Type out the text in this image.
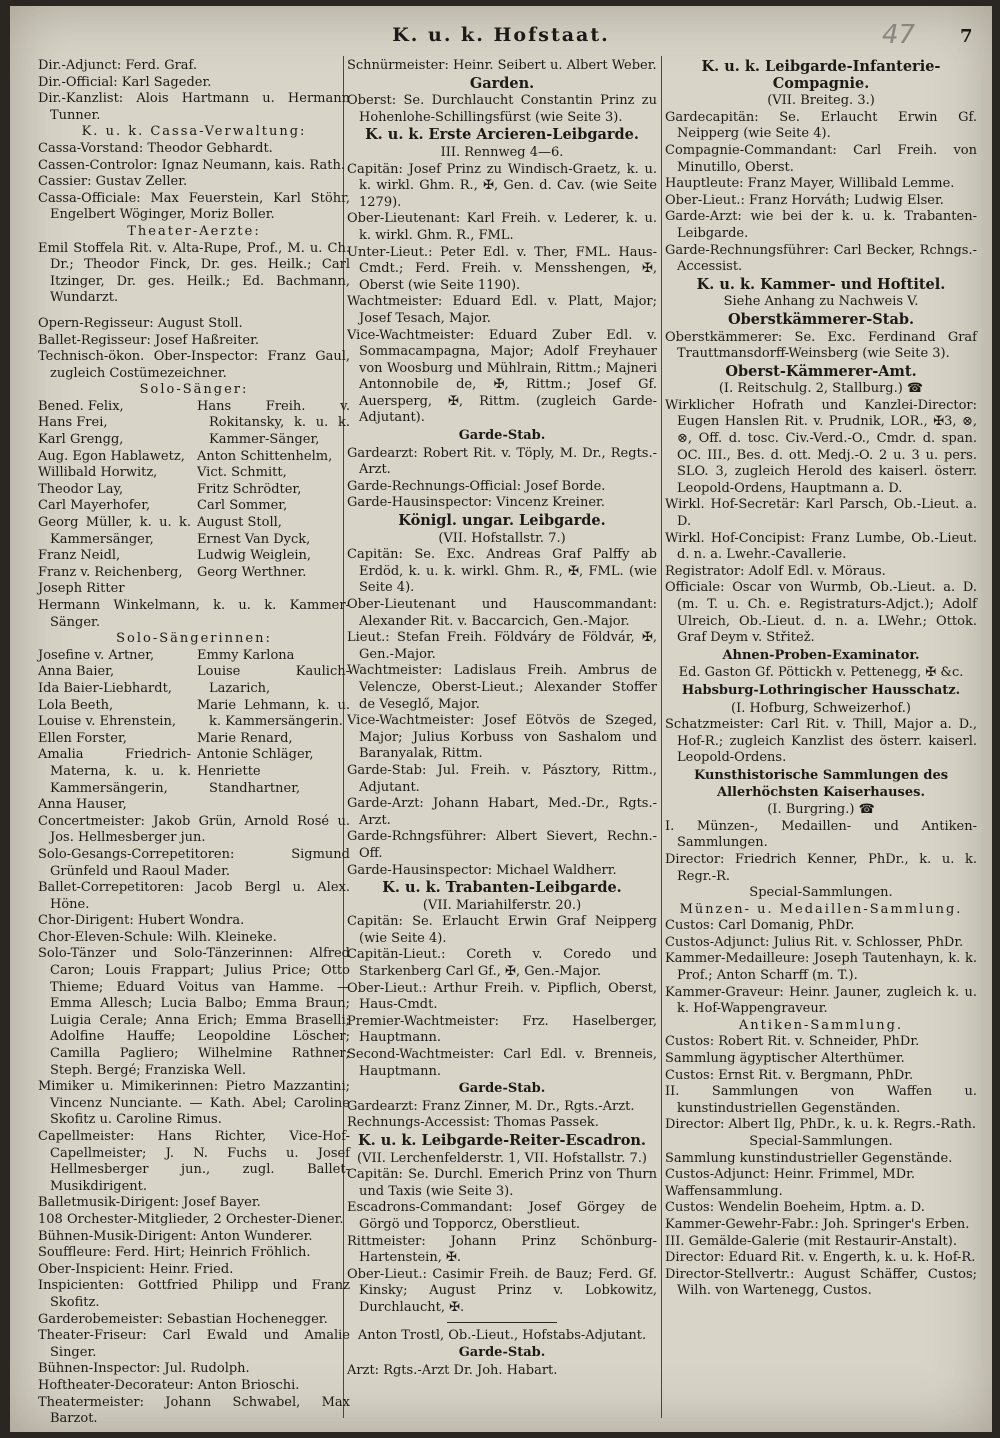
K. u. k. Hofstaat.	47 7

Dir.-Adjunct: Ferd. Graf.

Dir.-Official: Karl Sageder.

Dir.-Kanzlist: Alois Hartmann u. Hermann Tunner.

K. u. k. Cassa-Verwaltung:

Cassa-Vorstand: Theodor Gebhardt.

Cassen-Controlor: Ignaz Neumann, kais. Rath.

Cassier: Gustav Zeller.

Cassa-Officiale: Max Feuerstein, Karl Stöhr, Engelbert Wöginger, Moriz Boller.

Theater-Aerzte:

Emil Stoffela Rit. v. Alta-Rupe, Prof., M. u. Ch. Dr.; Theodor Finck, Dr. ges. Heilk.; Carl Itzinger, Dr. ges. Heilk.; Ed. Bachmann, Wundarzt.

Opern-Regisseur: August Stoll.

Ballet-Regisseur: Josef Haßreiter.

Technisch-ökon. Ober-Inspector: Franz Gaul, zugleich Costümezeichner.

Solo-Sänger:

Bened. Felix,

Hans Frei,

Karl Grengg,

Aug. Egon Hablawetz,

Willibald Horwitz,

Theodor Lay,

Carl Mayerhofer,

Georg Müller, k. u. k. Kammersänger,

Franz Neidl,

Franz v. Reichenberg,

Joseph Ritter

Hans Freih. v. Rokitansky, k. u. k. Kammer-Sänger,

Anton Schittenhelm,

Vict. Schmitt,

Fritz Schrödter,

Carl Sommer,

August Stoll,

Ernest Van Dyck,

Ludwig Weiglein,

Georg Werthner.

Hermann Winkelmann, k. u. k. Kammer-Sänger.

Solo-Sängerinnen:

Josefine v. Artner,

Anna Baier,

Ida Baier-Liebhardt,

Lola Beeth,

Louise v. Ehrenstein,

Ellen Forster,

Amalia Friedrich-Materna, k. u. k. Kammersängerin,

Anna Hauser,

Emmy Karlona

Louise Kaulich-Lazarich,

Marie Lehmann, k. u. k. Kammersängerin.

Marie Renard,

Antonie Schläger,

Henriette Standhartner,

Concertmeister: Jakob Grün, Arnold Rosé u. Jos. Hellmesberger jun.

Solo-Gesangs-Correpetitoren: Sigmund Grünfeld und Raoul Mader.

Ballet-Correpetitoren: Jacob Bergl u. Alex. Höne.

Chor-Dirigent: Hubert Wondra.

Chor-Eleven-Schule: Wilh. Kleineke.

Solo-Tänzer und Solo-Tänzerinnen: Alfred Caron; Louis Frappart; Julius Price; Otto Thieme; Eduard Voitus van Hamme. — Emma Allesch; Lucia Balbo; Emma Braun; Luigia Cerale; Anna Erich; Emma Braselli; Adolfine Hauffe; Leopoldine Löscher; Camilla Pagliero; Wilhelmine Rathner; Steph. Bergé; Franziska Well.

Mimiker u. Mimikerinnen: Pietro Mazzantini; Vincenz Nunciante. — Kath. Abel; Caroline Skofitz u. Caroline Rimus.

Capellmeister: Hans Richter, Vice-Hof-Capellmeister; J. N. Fuchs u. Josef Hellmesberger jun., zugl. Ballet-Musikdirigent.

Balletmusik-Dirigent: Josef Bayer.

108 Orchester-Mitglieder, 2 Orchester-Diener.

Bühnen-Musik-Dirigent: Anton Wunderer.

Souffleure: Ferd. Hirt; Heinrich Fröhlich.

Ober-Inspicient: Heinr. Fried.

Inspicienten: Gottfried Philipp und Franz Skofitz.

Garderobemeister: Sebastian Hochenegger.

Theater-Friseur: Carl Ewald und Amalie Singer.

Bühnen-Inspector: Jul. Rudolph.

Hoftheater-Decorateur: Anton Brioschi.

Theatermeister: Johann Schwabel, Max Barzot.

Schnürmeister: Heinr. Seibert u. Albert Weber.

Garden.

Oberst: Se. Durchlaucht Constantin Prinz zu Hohenlohe-Schillingsfürst (wie Seite 3).

K. u. k. Erste Arcieren-Leibgarde.
III. Rennweg 4—6.

Capitän: Josef Prinz zu Windisch-Graetz, k. u. k. wirkl. Ghm. R., ✠, Gen. d. Cav. (wie Seite 1279).

Ober-Lieutenant: Karl Freih. v. Lederer, k. u. k. wirkl. Ghm. R., FML.

Unter-Lieut.: Peter Edl. v. Ther, FML. Haus-Cmdt.; Ferd. Freih. v. Mensshengen, ✠, Oberst (wie Seite 1190).

Wachtmeister: Eduard Edl. v. Platt, Major; Josef Tesach, Major.

Vice-Wachtmeister: Eduard Zuber Edl. v. Sommacampagna, Major; Adolf Freyhauer von Woosburg und Mühlrain, Rittm.; Majneri Antonnobile de, ✠, Rittm.; Josef Gf. Auersperg, ✠, Rittm. (zugleich Garde-Adjutant).

Garde-Stab.

Gardearzt: Robert Rit. v. Töply, M. Dr., Regts.-Arzt.

Garde-Rechnungs-Official: Josef Borde.

Garde-Hausinspector: Vincenz Kreiner.

Königl. ungar. Leibgarde.
(VII. Hofstallstr. 7.)

Capitän: Se. Exc. Andreas Graf Palffy ab Erdöd, k. u. k. wirkl. Ghm. R., ✠, FML. (wie Seite 4).

Ober-Lieutenant und Hauscommandant: Alexander Rit. v. Baccarcich, Gen.-Major.

Lieut.: Stefan Freih. Földváry de Földvár, ✠, Gen.-Major.

Wachtmeister: Ladislaus Freih. Ambrus de Velencze, Oberst-Lieut.; Alexander Stoffer de Veseglő, Major.

Vice-Wachtmeister: Josef Eötvös de Szeged, Major; Julius Korbuss von Sashalom und Baranyalak, Rittm.

Garde-Stab: Jul. Freih. v. Pásztory, Rittm., Adjutant.

Garde-Arzt: Johann Habart, Med.-Dr., Rgts.-Arzt.

Garde-Rchngsführer: Albert Sievert, Rechn.-Off.

Garde-Hausinspector: Michael Waldherr.

K. u. k. Trabanten-Leibgarde.
(VII. Mariahilferstr. 20.)

Capitän: Se. Erlaucht Erwin Graf Neipperg (wie Seite 4).

Capitän-Lieut.: Coreth v. Coredo und Starkenberg Carl Gf., ✠, Gen.-Major.

Ober-Lieut.: Arthur Freih. v. Pipflich, Oberst, Haus-Cmdt.

Premier-Wachtmeister: Frz. Haselberger, Hauptmann.

Second-Wachtmeister: Carl Edl. v. Brenneis, Hauptmann.

Garde-Stab.

Gardearzt: Franz Zinner, M. Dr., Rgts.-Arzt.

Rechnungs-Accessist: Thomas Passek.

K. u. k. Leibgarde-Reiter-Escadron.
(VII. Lerchenfelderstr. 1, VII. Hofstallstr. 7.)

Capitän: Se. Durchl. Emerich Prinz von Thurn und Taxis (wie Seite 3).

Escadrons-Commandant: Josef Görgey de Görgö und Topporcz, Oberstlieut.

Rittmeister: Johann Prinz Schönburg-Hartenstein, ✠.

Ober-Lieut.: Casimir Freih. de Bauz; Ferd. Gf. Kinsky; August Prinz v. Lobkowitz, Durchlaucht, ✠.

Anton Trostl, Ob.-Lieut., Hofstabs-Adjutant.

Garde-Stab.

Arzt: Rgts.-Arzt Dr. Joh. Habart.

K. u. k. Leibgarde-Infanterie-Compagnie.
(VII. Breiteg. 3.)

Gardecapitän: Se. Erlaucht Erwin Gf. Neipperg (wie Seite 4).

Compagnie-Commandant: Carl Freih. von Minutillo, Oberst.

Hauptleute: Franz Mayer, Willibald Lemme.

Ober-Lieut.: Franz Horváth; Ludwig Elser.

Garde-Arzt: wie bei der k. u. k. Trabanten-Leibgarde.

Garde-Rechnungsführer: Carl Becker, Rchngs.-Accessist.

K. u. k. Kammer- und Hoftitel.
Siehe Anhang zu Nachweis V.
Oberstkämmerer-Stab.

Oberstkämmerer: Se. Exc. Ferdinand Graf Trauttmansdorff-Weinsberg (wie Seite 3).

Oberst-Kämmerer-Amt.
(I. Reitschulg. 2, Stallburg.) ☎

Wirklicher Hofrath und Kanzlei-Director: Eugen Hanslen Rit. v. Prudnik, LOR., ✠3, ⊗, ⊗, Off. d. tosc. Civ.-Verd.-O., Cmdr. d. span. OC. III., Bes. d. ott. Medj.-O. 2 u. 3 u. pers. SLO. 3, zugleich Herold des kaiserl. österr. Leopold-Ordens, Hauptmann a. D.

Wirkl. Hof-Secretär: Karl Parsch, Ob.-Lieut. a. D.

Wirkl. Hof-Concipist: Franz Lumbe, Ob.-Lieut. d. n. a. Lwehr.-Cavallerie.

Registrator: Adolf Edl. v. Möraus.

Officiale: Oscar von Wurmb, Ob.-Lieut. a. D. (m. T. u. Ch. e. Registraturs-Adjct.); Adolf Ulreich, Ob.-Lieut. d. n. a. LWehr.; Ottok. Graf Deym v. Střitež.

Ahnen-Proben-Examinator.
Ed. Gaston Gf. Pöttickh v. Pettenegg, ✠ &c.
Habsburg-Lothringischer Hausschatz.
(I. Hofburg, Schweizerhof.)

Schatzmeister: Carl Rit. v. Thill, Major a. D., Hof-R.; zugleich Kanzlist des österr. kaiserl. Leopold-Ordens.

Kunsthistorische Sammlungen des Allerhöchsten Kaiserhauses.
(I. Burgring.) ☎

I. Münzen-, Medaillen- und Antiken-Sammlungen.

Director: Friedrich Kenner, PhDr., k. u. k. Regr.-R.

Special-Sammlungen.
Münzen- u. Medaillen-Sammlung.

Custos: Carl Domanig, PhDr.

Custos-Adjunct: Julius Rit. v. Schlosser, PhDr.

Kammer-Medailleure: Joseph Tautenhayn, k. k. Prof.; Anton Scharff (m. T.).

Kammer-Graveur: Heinr. Jauner, zugleich k. u. k. Hof-Wappengraveur.

Antiken-Sammlung.

Custos: Robert Rit. v. Schneider, PhDr.

Sammlung ägyptischer Alterthümer.

Custos: Ernst Rit. v. Bergmann, PhDr.

II. Sammlungen von Waffen u. kunstindustriellen Gegenständen.

Director: Albert Ilg, PhDr., k. u. k. Regrs.-Rath.

Special-Sammlungen.

Sammlung kunstindustrieller Gegenstände.

Custos-Adjunct: Heinr. Frimmel, MDr.

Waffensammlung.

Custos: Wendelin Boeheim, Hptm. a. D.

Kammer-Gewehr-Fabr.: Joh. Springer's Erben.

III. Gemälde-Galerie (mit Restaurir-Anstalt).

Director: Eduard Rit. v. Engerth, k. u. k. Hof-R.

Director-Stellvertr.: August Schäffer, Custos; Wilh. von Wartenegg, Custos.
